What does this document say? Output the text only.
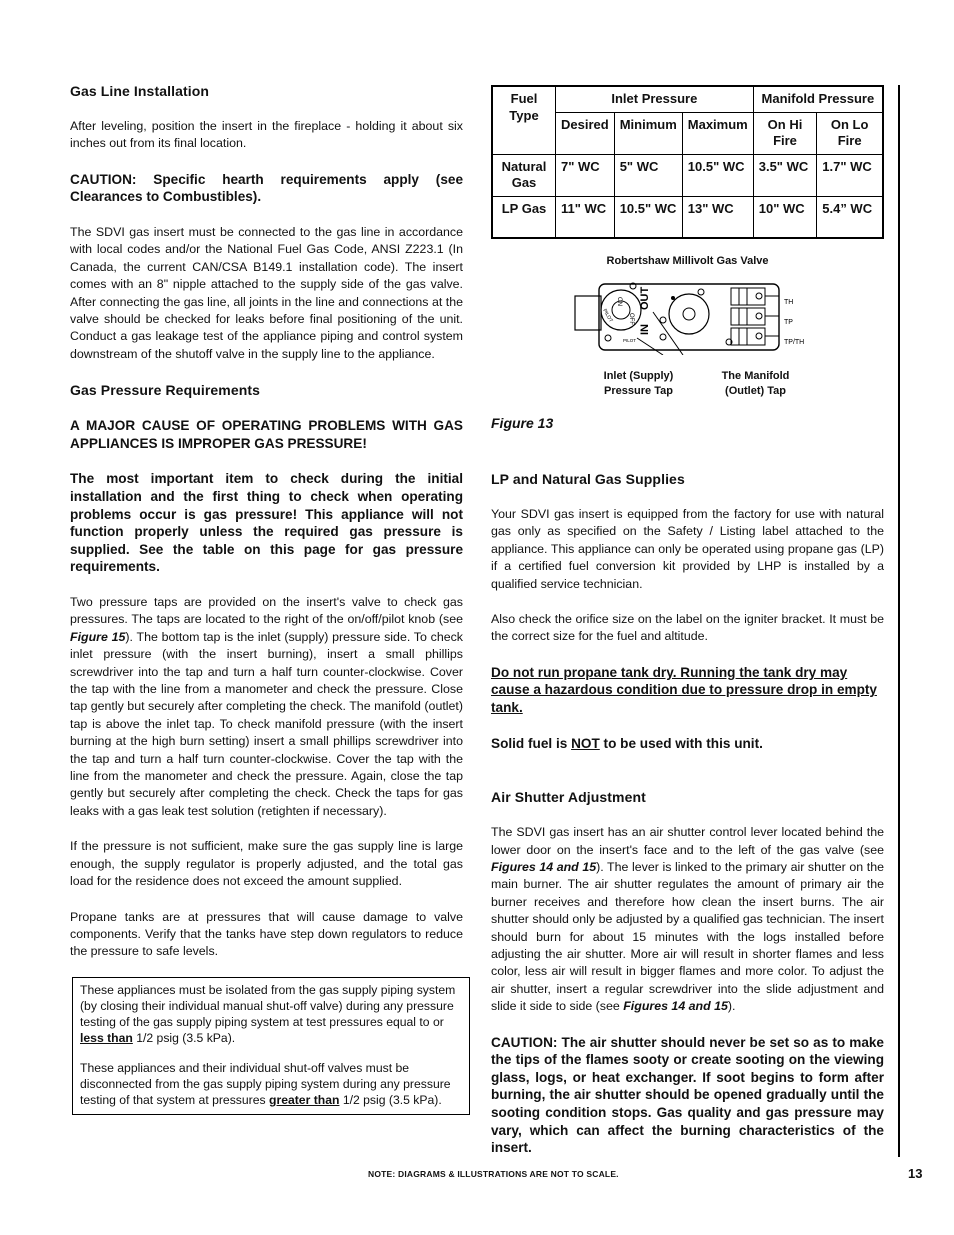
Gas Line Installation

After leveling, position the insert in the fireplace - holding it about six inches out from its final location.

CAUTION: Specific hearth requirements apply (see Clearances to Combustibles).

The SDVI gas insert must be connected to the gas line in accordance with local codes and/or the National Fuel Gas Code, ANSI Z223.1 (In Canada, the current CAN/CSA B149.1 installation code). The insert comes with an 8" nipple attached to the supply side of the gas valve. After connecting the gas line, all joints in the line and connections at the valve should be checked for leaks before final positioning of the unit. Conduct a gas leakage test of the appliance piping and control system downstream of the shutoff valve in the supply line to the appliance.

Gas Pressure Requirements

A MAJOR CAUSE OF OPERATING PROBLEMS WITH GAS APPLIANCES IS IMPROPER GAS PRESSURE!

The most important item to check during the initial installation and the first thing to check when operating problems occur is gas pressure! This appliance will not function properly unless the required gas pressure is supplied. See the table on this page for gas pressure requirements.

Two pressure taps are provided on the insert's valve to check gas pressures. The taps are located to the right of the on/off/pilot knob (see Figure 15). The bottom tap is the inlet (supply) pressure side. To check inlet pressure (with the insert burning), insert a small phillips screwdriver into the tap and turn a half turn counter-clockwise. Cover the tap with the line from a manometer and check the pressure. Close tap gently but securely after completing the check. The manifold (outlet) tap is above the inlet tap. To check manifold pressure (with the insert burning at the high burn setting) insert a small phillips screwdriver into the tap and turn a half turn counter-clockwise. Cover the tap with the line from the manometer and check the pressure. Again, close the tap gently but securely after completing the check. Check the taps for gas leaks with a gas leak test solution (retighten if necessary).

If the pressure is not sufficient, make sure the gas supply line is large enough, the supply regulator is properly adjusted, and the total gas load for the residence does not exceed the amount supplied.

Propane tanks are at pressures that will cause damage to valve components. Verify that the tanks have step down regulators to reduce the pressure to safe levels.

These appliances must be isolated from the gas supply piping system (by closing their individual manual shut-off valve) during any pressure testing of the gas supply piping system at test pressures equal to or less than 1/2 psig (3.5 kPa).

These appliances and their individual shut-off valves must be disconnected from the gas supply piping system during any pressure testing of that system at pressures greater than 1/2 psig (3.5 kPa).

Fuel Type	Inlet Pressure			Manifold Pressure	
	Desired	Minimum	Maximum	On Hi Fire	On Lo Fire
Natural Gas	7" WC	5" WC	10.5" WC	3.5" WC	1.7" WC
LP Gas	11" WC	10.5" WC	13" WC	10" WC	5.4” WC
Robertshaw Millivolt Gas Valve
ON
OFF
PILOT
PILOT
IN
OUT	TH
TP
TP/TH
Inlet (Supply)
Pressure Tap
The Manifold
(Outlet) Tap
Figure 13
LP and Natural Gas Supplies

Your SDVI gas insert is equipped from the factory for use with natural gas only as specified on the Safety / Listing label attached to the appliance. This appliance can only be operated using propane gas (LP) if a certified fuel conversion kit provided by LHP is installed by a qualified service technician.

Also check the orifice size on the label on the igniter bracket. It must be the correct size for the fuel and altitude.

Do not run propane tank dry. Running the tank dry may cause a hazardous condition due to pressure drop in empty tank.

Solid fuel is NOT to be used with this unit.

Air Shutter Adjustment

The SDVI gas insert has an air shutter control lever located behind the lower door on the insert's face and to the left of the gas valve (see Figures 14 and 15). The lever is linked to the primary air shutter on the main burner. The air shutter regulates the amount of primary air the burner receives and therefore how clean the insert burns. The air shutter should only be adjusted by a qualified gas technician. The insert should burn for about 15 minutes with the logs installed before adjusting the air shutter. More air will result in shorter flames and less color, less air will result in bigger flames and more color. To adjust the air shutter, insert a regular screwdriver into the slide adjustment and slide it side to side (see Figures 14 and 15).

CAUTION: The air shutter should never be set so as to make the tips of the flames sooty or create sooting on the viewing glass, logs, or heat exchanger. If soot begins to form after burning, the air shutter should be opened gradually until the sooting condition stops. Gas quality and gas pressure may vary, which can affect the burning characteristics of the insert.

NOTE: DIAGRAMS & ILLUSTRATIONS ARE NOT TO SCALE.	13
